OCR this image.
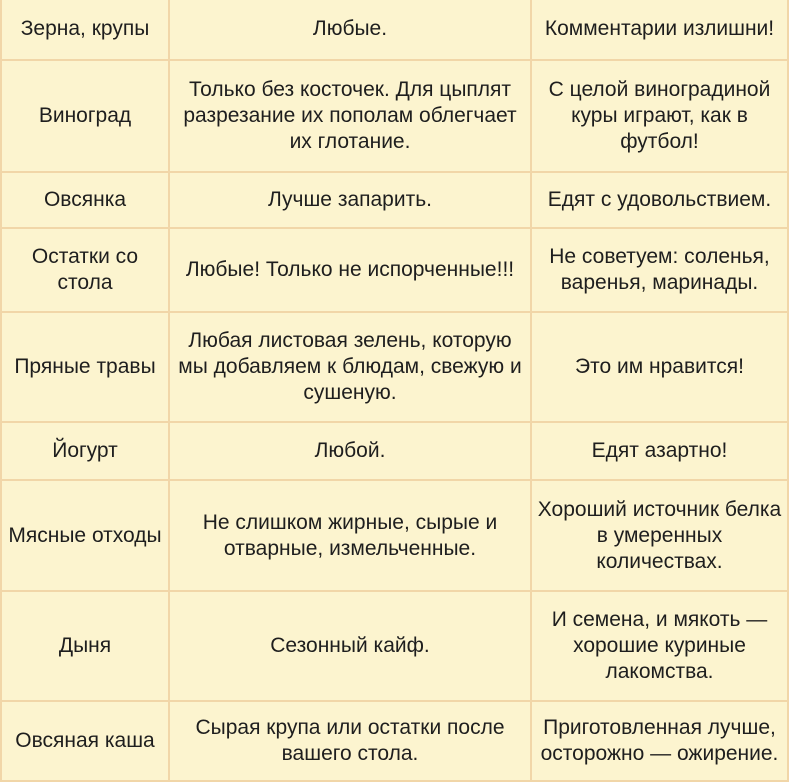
Зерна, крупы	Любые.	Комментарии излишни!
Виноград	Только без косточек. Для цыплят разрезание их пополам облегчает их глотание.	С целой виноградиной куры играют, как в футбол!
Овсянка	Лучше запарить.	Едят с удовольствием.
Остатки со стола	Любые! Только не испорченные!!!	Не советуем: соленья, варенья, маринады.
Пряные травы	Любая листовая зелень, которую мы добавляем к блюдам, свежую и сушеную.	Это им нравится!
Йогурт	Любой.	Едят азартно!
Мясные отходы	Не слишком жирные, сырые и отварные, измельченные.	Хороший источник белка в умеренных количествах.
Дыня	Сезонный кайф.	И семена, и мякоть — хорошие куриные лакомства.
Овсяная каша	Сырая крупа или остатки после вашего стола.	Приготовленная лучше, осторожно — ожирение.
